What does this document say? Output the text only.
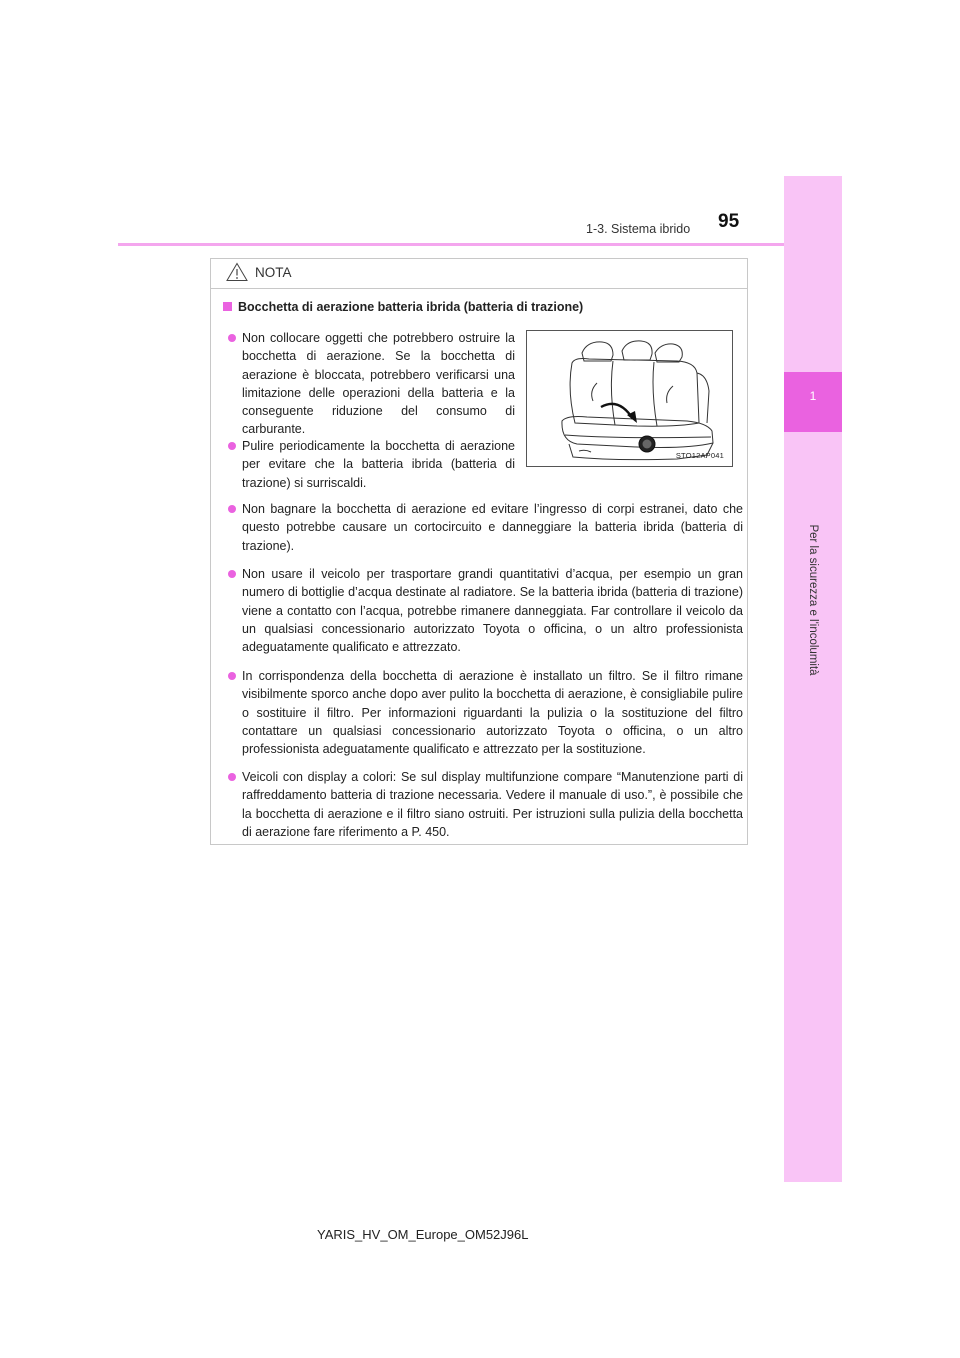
1
Per la sicurezza e l'incolumità
95
1-3. Sistema ibrido
NOTA
Bocchetta di aerazione batteria ibrida (batteria di trazione)
Non collocare oggetti che potrebbero ostruire la bocchetta di aerazione. Se la bocchetta di aerazione è bloccata, potrebbero verificarsi una limitazione delle operazioni della batteria e la conseguente riduzione del consumo di carburante.
Pulire periodicamente la bocchetta di aerazione per evitare che la batteria ibrida (batteria di trazione) si surriscaldi.
Non bagnare la bocchetta di aerazione ed evitare l’ingresso di corpi estranei, dato che questo potrebbe causare un cortocircuito e danneggiare la batteria ibrida (batteria di trazione).
Non usare il veicolo per trasportare grandi quantitativi d’acqua, per esempio un gran numero di bottiglie d’acqua destinate al radiatore. Se la batteria ibrida (batteria di trazione) viene a contatto con l’acqua, potrebbe rimanere danneggiata. Far controllare il veicolo da un qualsiasi concessionario autorizzato Toyota o officina, o un altro professionista adeguatamente qualificato e attrezzato.
In corrispondenza della bocchetta di aerazione è installato un filtro. Se il filtro rimane visibilmente sporco anche dopo aver pulito la bocchetta di aerazione, è consigliabile pulire o sostituire il filtro. Per informazioni riguardanti la pulizia o la sostituzione del filtro contattare un qualsiasi concessionario autorizzato Toyota o officina, o un altro professionista adeguatamente qualificato e attrezzato per la sostituzione.
Veicoli con display a colori: Se sul display multifunzione compare “Manutenzione parti di raffreddamento batteria di trazione necessaria. Vedere il manuale di uso.”, è possibile che la bocchetta di aerazione e il filtro siano ostruiti. Per istruzioni sulla pulizia della bocchetta di aerazione fare riferimento a P. 450.
STO12AP041
YARIS_HV_OM_Europe_OM52J96L
